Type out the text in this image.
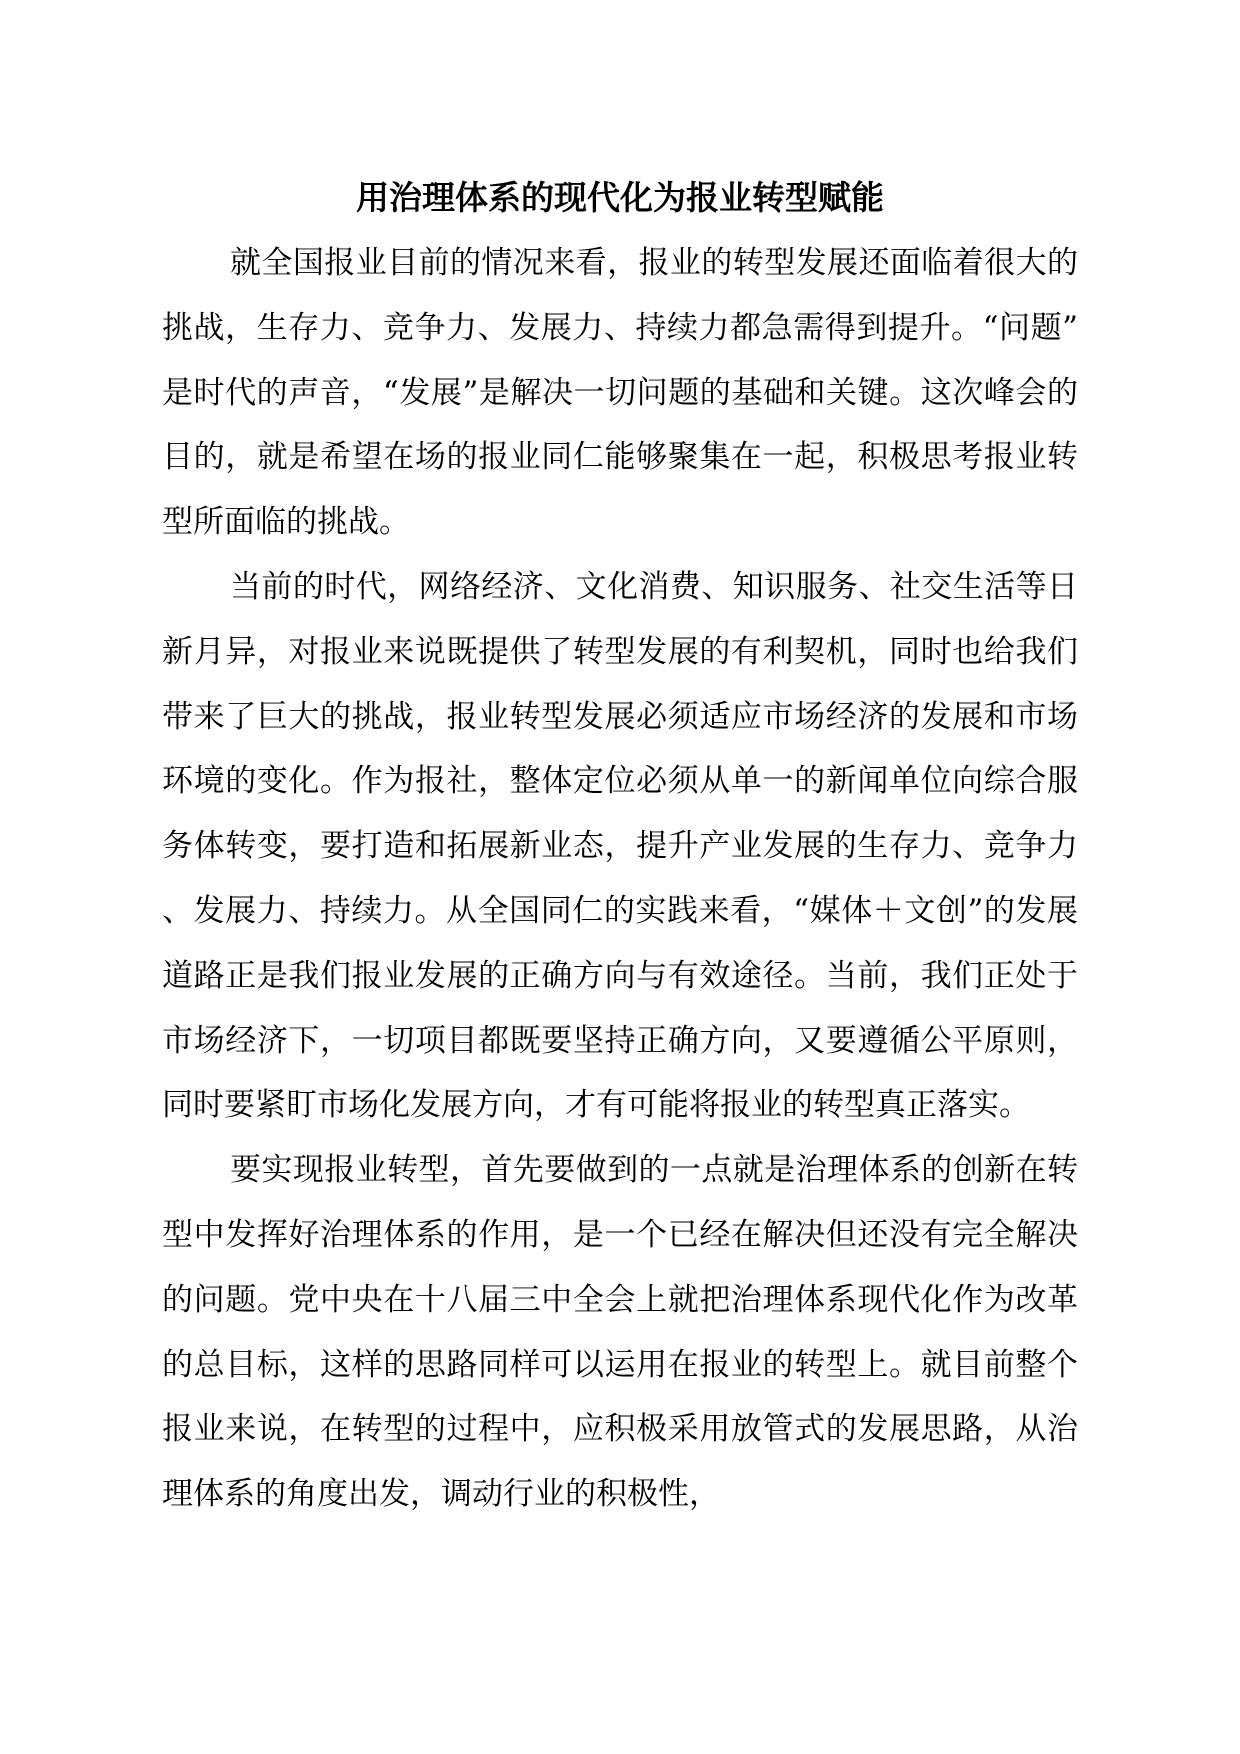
用治理体系的现代化为报业转型赋能

就全国报业目前的情况来看，报业的转型发展还面临着很大的挑战，生存力、竞争力、发展力、持续力都急需得到提升。“问题”是时代的声音，“发展”是解决一切问题的基础和关键。这次峰会的目的，就是希望在场的报业同仁能够聚集在一起，积极思考报业转型所面临的挑战。

当前的时代，网络经济、文化消费、知识服务、社交生活等日新月异，对报业来说既提供了转型发展的有利契机，同时也给我们带来了巨大的挑战，报业转型发展必须适应市场经济的发展和市场环境的变化。作为报社，整体定位必须从单一的新闻单位向综合服务体转变，要打造和拓展新业态，提升产业发展的生存力、竞争力、发展力、持续力。从全国同仁的实践来看，“媒体＋文创”的发展道路正是我们报业发展的正确方向与有效途径。当前，我们正处于市场经济下，一切项目都既要坚持正确方向，又要遵循公平原则，同时要紧盯市场化发展方向，才有可能将报业的转型真正落实。

要实现报业转型，首先要做到的一点就是治理体系的创新在转型中发挥好治理体系的作用，是一个已经在解决但还没有完全解决的问题。党中央在十八届三中全会上就把治理体系现代化作为改革的总目标，这样的思路同样可以运用在报业的转型上。就目前整个报业来说，在转型的过程中，应积极采用放管式的发展思路，从治理体系的角度出发，调动行业的积极性，
